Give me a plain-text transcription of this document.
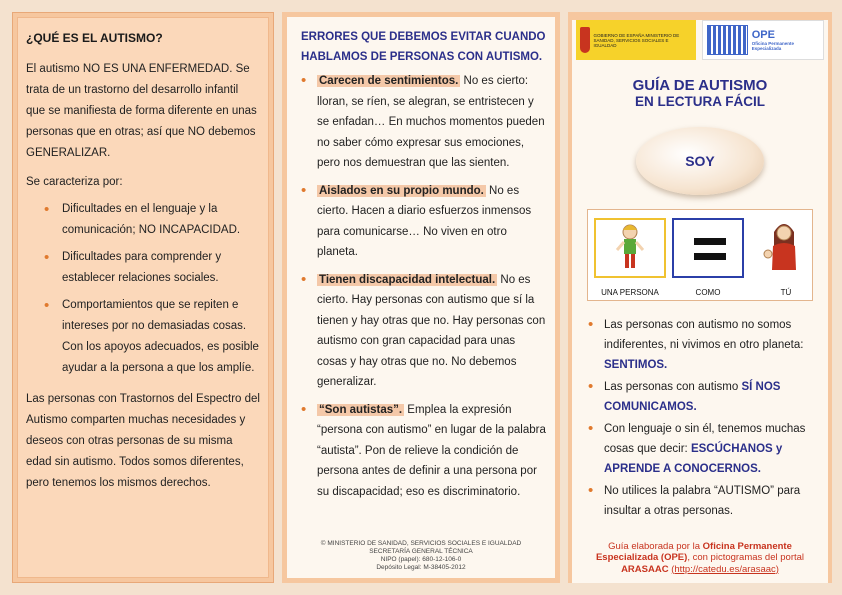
¿QUÉ ES EL AUTISMO?

El autismo NO ES UNA ENFERMEDAD. Se trata de un trastorno del desarrollo infantil que se manifiesta de forma diferente en unas personas que en otras; así que NO debemos GENERALIZAR.

Se caracteriza por:

• Dificultades en el lenguaje y la comunicación; NO INCAPACIDAD.
• Dificultades para comprender y establecer relaciones sociales.
• Comportamientos que se repiten e intereses por no demasiadas cosas. Con los apoyos adecuados, es posible ayudar a la persona a que los amplíe.

Las personas con Trastornos del Espectro del Autismo comparten muchas necesidades y deseos con otras personas de su misma edad sin autismo. Todos somos diferentes, pero tenemos los mismos derechos.

ERRORES QUE DEBEMOS EVITAR CUANDO HABLAMOS DE PERSONAS CON AUTISMO.
• Carecen de sentimientos. No es cierto: lloran, se ríen, se alegran, se entristecen y se enfadan… En muchos momentos pueden no saber cómo expresar sus emociones, pero nos demuestran que las sienten.
• Aislados en su propio mundo. No es cierto. Hacen a diario esfuerzos inmensos para comunicarse… No viven en otro planeta.
• Tienen discapacidad intelectual. No es cierto. Hay personas con autismo que sí la tienen y hay otras que no. Hay personas con autismo con gran capacidad para unas cosas y hay otras que no. No debemos generalizar.
• “Son autistas”. Emplea la expresión “persona con autismo” en lugar de la palabra “autista”. Pon de relieve la condición de persona antes de definir a una persona por su discapacidad; eso es discriminatorio.
© MINISTERIO DE SANIDAD, SERVICIOS SOCIALES E IGUALDAD
SECRETARÍA GENERAL TÉCNICA
NIPO (papel): 680-12-106-0
Depósito Legal: M-38405-2012
GOBIERNO DE ESPAÑA MINISTERIO DE SANIDAD, SERVICIOS SOCIALES E IGUALDAD
OPE
Oficina Permanente Especializada
GUÍA DE AUTISMO
EN LECTURA FÁCIL
SOY
UNA PERSONA	COMO	TÚ
• Las personas con autismo no somos indiferentes, ni vivimos en otro planeta: SENTIMOS.
• Las personas con autismo SÍ NOS COMUNICAMOS.
• Con lenguaje o sin él, tenemos muchas cosas que decir: ESCÚCHANOS y APRENDE A CONOCERNOS.
• No utilices la palabra “AUTISMO” para insultar a otras personas.
Guía elaborada por la Oficina Permanente Especializada (OPE), con pictogramas del portal ARASAAC (http://catedu.es/arasaac)
